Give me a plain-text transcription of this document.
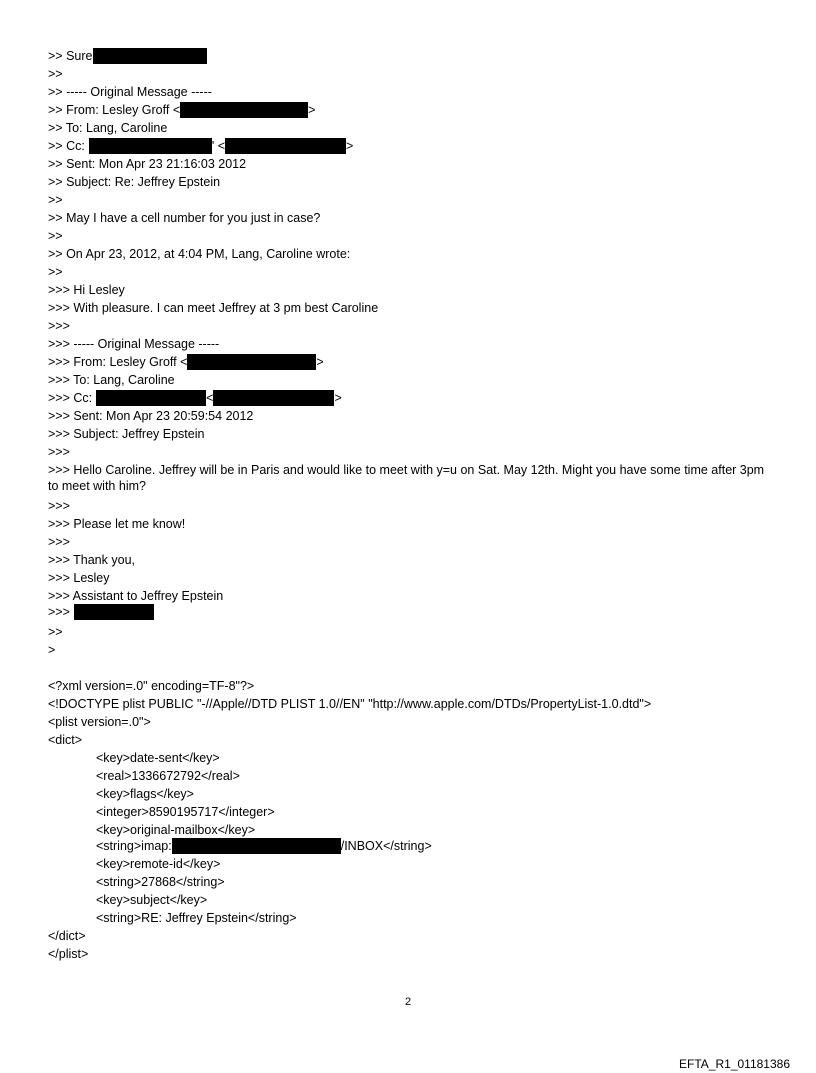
>> Sure
>>
>> ----- Original Message -----
>> From: Lesley Groff <	>
>> To: Lang, Caroline
>> Cc:	' <	>
>> Sent: Mon Apr 23 21:16:03 2012
>> Subject: Re: Jeffrey Epstein
>>
>> May I have a cell number for you just in case?
>>
>> On Apr 23, 2012, at 4:04 PM, Lang, Caroline wrote:
>>
>>> Hi Lesley
>>> With pleasure. I can meet Jeffrey at 3 pm best Caroline
>>>
>>> ----- Original Message -----
>>> From: Lesley Groff <	>
>>> To: Lang, Caroline
>>> Cc:	<	>
>>> Sent: Mon Apr 23 20:59:54 2012
>>> Subject: Jeffrey Epstein
>>>
>>> Hello Caroline. Jeffrey will be in Paris and would like to meet with y=u on Sat. May 12th. Might you have some time after 3pm to meet with him?
>>>
>>> Please let me know!
>>>
>>> Thank you,
>>> Lesley
>>> Assistant to Jeffrey Epstein
>>>
>>
>
<?xml version=.0" encoding=TF-8"?>
<!DOCTYPE plist PUBLIC "-//Apple//DTD PLIST 1.0//EN" "http://www.apple.com/DTDs/PropertyList-1.0.dtd">
<plist version=.0">
<dict>
<key>date-sent</key>
<real>1336672792</real>
<key>flags</key>
<integer>8590195717</integer>
<key>original-mailbox</key>
<string>imap:	/INBOX</string>
<key>remote-id</key>
<string>27868</string>
<key>subject</key>
<string>RE: Jeffrey Epstein</string>
</dict>
</plist>
2
EFTA_R1_01181386
